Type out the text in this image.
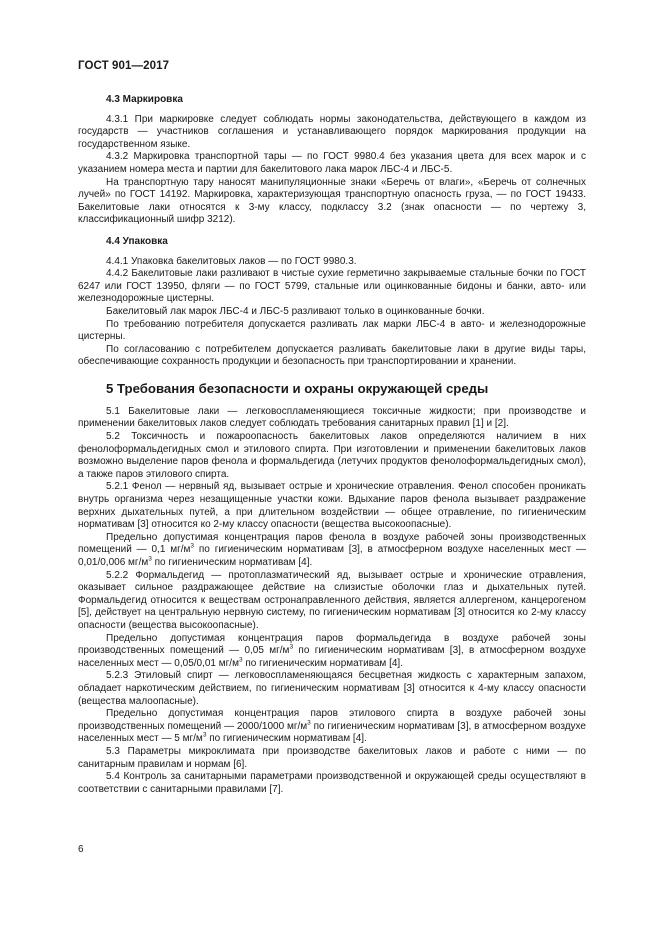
ГОСТ 901—2017
4.3 Маркировка

4.3.1 При маркировке следует соблюдать нормы законодательства, действующего в каждом из государств — участников соглашения и устанавливающего порядок маркирования продукции на государственном языке.

4.3.2 Маркировка транспортной тары — по ГОСТ 9980.4 без указания цвета для всех марок и с указанием номера места и партии для бакелитового лака марок ЛБС-4 и ЛБС-5.

На транспортную тару наносят манипуляционные знаки «Беречь от влаги», «Беречь от солнечных лучей» по ГОСТ 14192. Маркировка, характеризующая транспортную опасность груза, — по ГОСТ 19433. Бакелитовые лаки относятся к 3-му классу, подклассу 3.2 (знак опасности — по чертежу 3, классификационный шифр 3212).

4.4 Упаковка

4.4.1 Упаковка бакелитовых лаков — по ГОСТ 9980.3.

4.4.2 Бакелитовые лаки разливают в чистые сухие герметично закрываемые стальные бочки по ГОСТ 6247 или ГОСТ 13950, фляги — по ГОСТ 5799, стальные или оцинкованные бидоны и банки, авто- или железнодорожные цистерны.

Бакелитовый лак марок ЛБС-4 и ЛБС-5 разливают только в оцинкованные бочки.

По требованию потребителя допускается разливать лак марки ЛБС-4 в авто- и железнодорожные цистерны.

По согласованию с потребителем допускается разливать бакелитовые лаки в другие виды тары, обеспечивающие сохранность продукции и безопасность при транспортировании и хранении.

5 Требования безопасности и охраны окружающей среды

5.1 Бакелитовые лаки — легковоспламеняющиеся токсичные жидкости; при производстве и применении бакелитовых лаков следует соблюдать требования санитарных правил [1] и [2].

5.2 Токсичность и пожароопасность бакелитовых лаков определяются наличием в них фенолоформальдегидных смол и этилового спирта. При изготовлении и применении бакелитовых лаков возможно выделение паров фенола и формальдегида (летучих продуктов фенолоформальдегидных смол), а также паров этилового спирта.

5.2.1 Фенол — нервный яд, вызывает острые и хронические отравления. Фенол способен проникать внутрь организма через незащищенные участки кожи. Вдыхание паров фенола вызывает раздражение верхних дыхательных путей, а при длительном воздействии — общее отравление, по гигиеническим нормативам [3] относится ко 2-му классу опасности (вещества высокоопасные).

Предельно допустимая концентрация паров фенола в воздухе рабочей зоны производственных помещений — 0,1 $мг/м^3$ по гигиеническим нормативам [3], в атмосферном воздухе населенных мест — 0,01/0,006 $мг/м^3$ по гигиеническим нормативам [4].

5.2.2 Формальдегид — протоплазматический яд, вызывает острые и хронические отравления, оказывает сильное раздражающее действие на слизистые оболочки глаз и дыхательных путей. Формальдегид относится к веществам остронаправленного действия, является аллергеном, канцерогеном [5], действует на центральную нервную систему, по гигиеническим нормативам [3] относится ко 2-му классу опасности (вещества высокоопасные).

Предельно допустимая концентрация паров формальдегида в воздухе рабочей зоны производственных помещений — 0,05 $мг/м^3$ по гигиеническим нормативам [3], в атмосферном воздухе населенных мест — 0,05/0,01 $мг/м^3$ по гигиеническим нормативам [4].

5.2.3 Этиловый спирт — легковоспламеняющаяся бесцветная жидкость с характерным запахом, обладает наркотическим действием, по гигиеническим нормативам [3] относится к 4-му классу опасности (вещества малоопасные).

Предельно допустимая концентрация паров этилового спирта в воздухе рабочей зоны производственных помещений — 2000/1000 $мг/м^3$ по гигиеническим нормативам [3], в атмосферном воздухе населенных мест — 5 $мг/м^3$ по гигиеническим нормативам [4].

5.3 Параметры микроклимата при производстве бакелитовых лаков и работе с ними — по санитарным правилам и нормам [6].

5.4 Контроль за санитарными параметрами производственной и окружающей среды осуществляют в соответствии с санитарными правилами [7].

6
